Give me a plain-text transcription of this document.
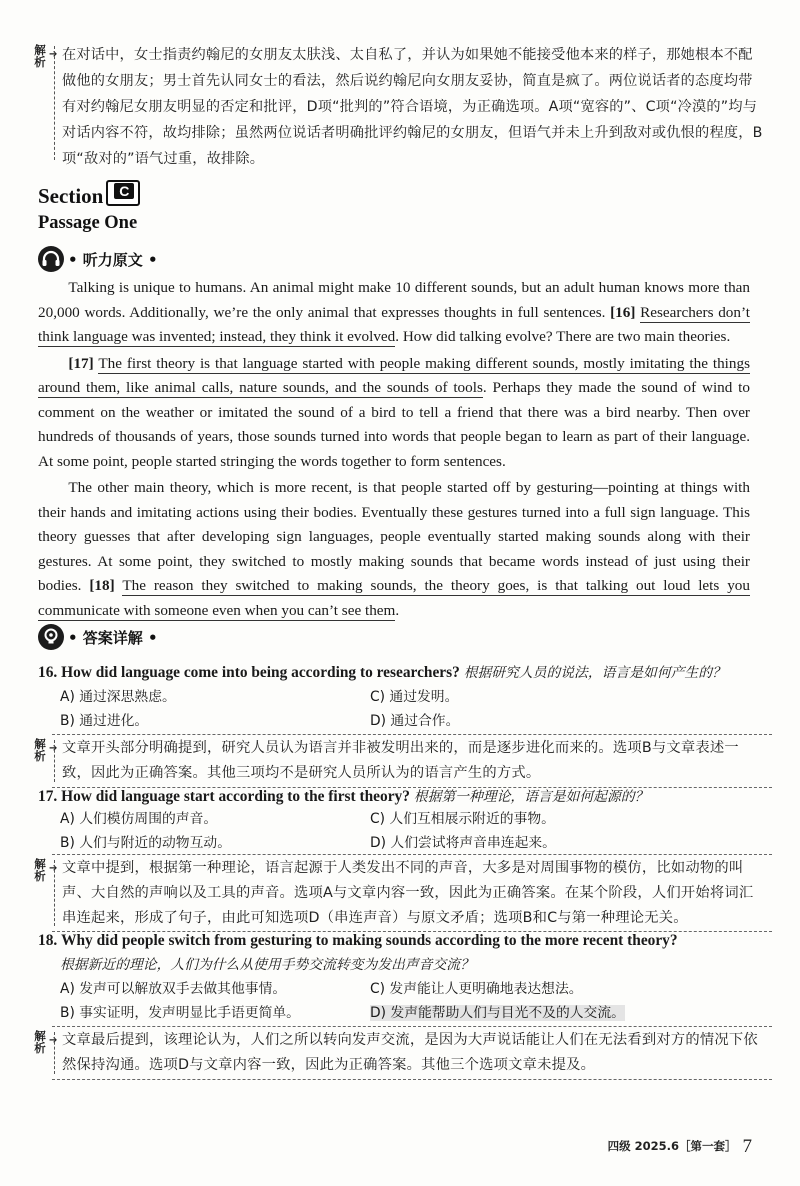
解析
➔ 在对话中，女士指责约翰尼的女朋友太肤浅、太自私了，并认为如果她不能接受他本来的样子，那她根本不配做他的女朋友；男士首先认同女士的看法，然后说约翰尼向女朋友妥协，简直是疯了。两位说话者的态度均带有对约翰尼女朋友明显的否定和批评，D项“批判的”符合语境，为正确选项。A项“宽容的”、C项“冷漠的”均与对话内容不符，故均排除；虽然两位说话者明确批评约翰尼的女朋友，但语气并未上升到敌对或仇恨的程度，B项“敌对的”语气过重，故排除。
Section	C
Passage One
• 听力原文 •

Talking is unique to humans. An animal might make 10 different sounds, but an adult human knows more than 20,000 words. Additionally, we’re the only animal that expresses thoughts in full sentences. [16] Researchers don’t think language was invented; instead, they think it evolved. How did talking evolve? There are two main theories.

[17] The first theory is that language started with people making different sounds, mostly imitating the things around them, like animal calls, nature sounds, and the sounds of tools. Perhaps they made the sound of wind to comment on the weather or imitated the sound of a bird to tell a friend that there was a bird nearby. Then over hundreds of thousands of years, those sounds turned into words that people began to learn as part of their language. At some point, people started stringing the words together to form sentences.

The other main theory, which is more recent, is that people started off by gesturing—pointing at things with their hands and imitating actions using their bodies. Eventually these gestures turned into a full sign language. This theory guesses that after developing sign languages, people eventually started making sounds along with their gestures. At some point, they switched to mostly making sounds that became words instead of just using their bodies. [18] The reason they switched to making sounds, the theory goes, is that talking out loud lets you communicate with someone even when you can’t see them.

• 答案详解 •
16. How did language come into being according to researchers? 根据研究人员的说法，语言是如何产生的？
A) 通过深思熟虑。	C) 通过发明。
B) 通过进化。	D) 通过合作。
解析
➔ 文章开头部分明确提到，研究人员认为语言并非被发明出来的，而是逐步进化而来的。选项B与文章表述一致，因此为正确答案。其他三项均不是研究人员所认为的语言产生的方式。
17. How did language start according to the first theory? 根据第一种理论，语言是如何起源的？
A) 人们模仿周围的声音。	C) 人们互相展示附近的事物。
B) 人们与附近的动物互动。	D) 人们尝试将声音串连起来。
解析
➔ 文章中提到，根据第一种理论，语言起源于人类发出不同的声音，大多是对周围事物的模仿，比如动物的叫声、大自然的声响以及工具的声音。选项A与文章内容一致，因此为正确答案。在某个阶段，人们开始将词汇串连起来，形成了句子，由此可知选项D（串连声音）与原文矛盾；选项B和C与第一种理论无关。
18. Why did people switch from gesturing to making sounds according to the more recent theory?
根据新近的理论，人们为什么从使用手势交流转变为发出声音交流？
A) 发声可以解放双手去做其他事情。	C) 发声能让人更明确地表达想法。
B) 事实证明，发声明显比手语更简单。	D) 发声能帮助人们与目光不及的人交流。
解析
➔ 文章最后提到，该理论认为，人们之所以转向发声交流，是因为大声说话能让人们在无法看到对方的情况下依然保持沟通。选项D与文章内容一致，因此为正确答案。其他三个选项文章未提及。
四级 2025.6［第一套］ 7
